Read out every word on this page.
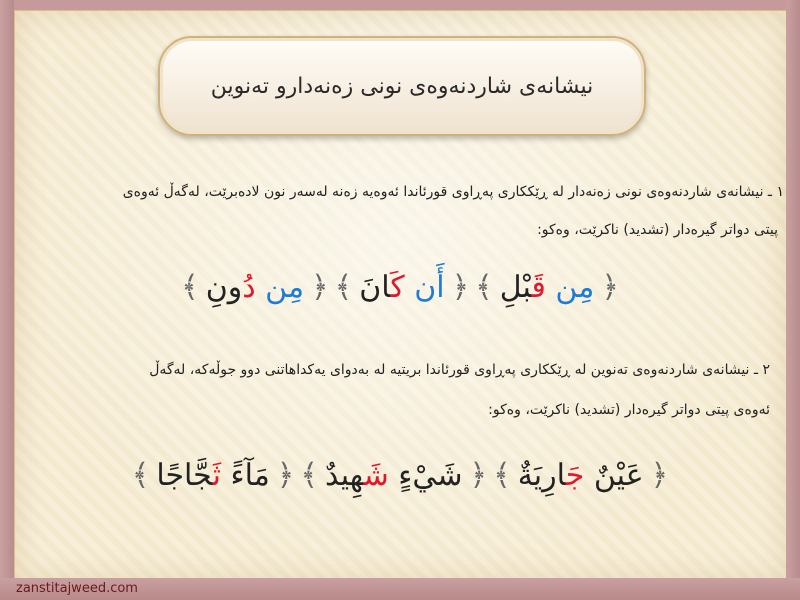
نیشانەی شاردنەوەی نونی زەنەدارو تەنوین
١ ـ نیشانەی شاردنەوەی نونی زەنەدار لە ڕێککاری پەڕاوی قورئاندا ئەوەیە زەنە لەسەر نون لادەبرێت، لەگەڵ ئەوەی
پیتی دواتر گیرەدار (تشدید) ناکرێت، وەکو:
﴿
مِن قَبْلِ
﴾
﴿
أَن كَانَ
﴾
﴿
مِن دُونِ
﴾
٢ ـ نیشانەی شاردنەوەی تەنوین لە ڕێککاری پەڕاوی قورئاندا بریتیە لە بەدوای یەکداهاتنی دوو جوڵەکە، لەگەڵ
ئەوەی پیتی دواتر گیرەدار (تشدید) ناکرێت، وەکو:
﴿
عَيْنٌ جَارِيَةٌ
﴾
﴿
شَيْءٍ شَهِيدٌ
﴾
﴿
مَآءً ثَجَّاجًا
﴾
zanstitajweed.com
